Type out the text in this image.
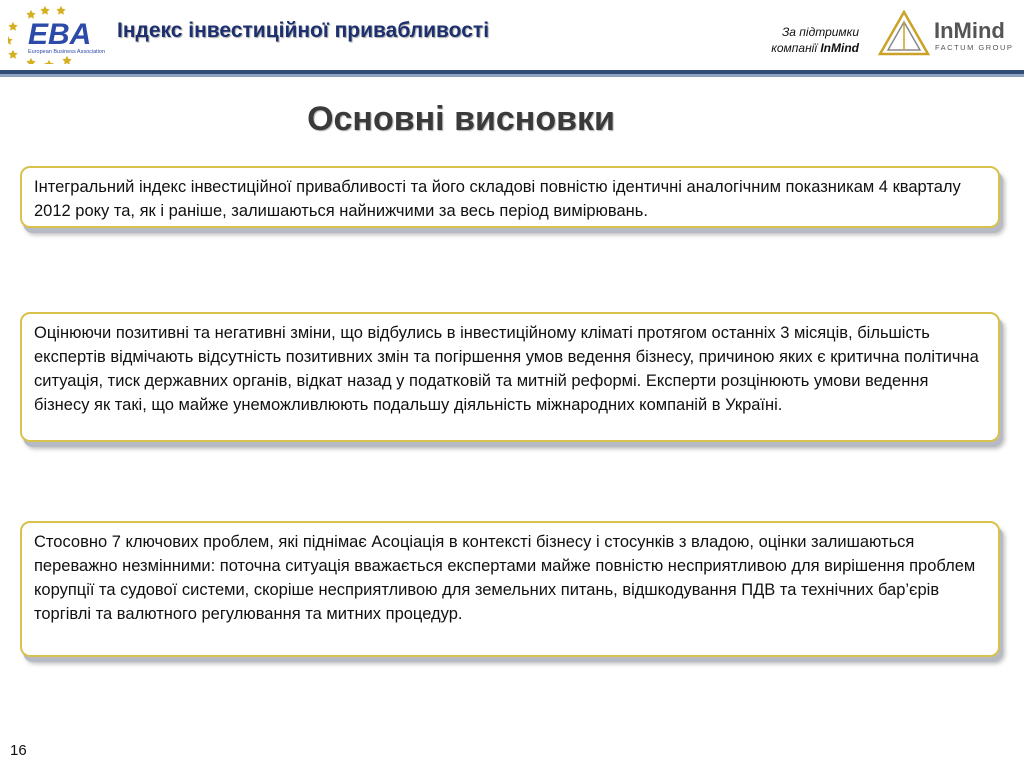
EBA
European Business Association
Індекс інвестиційної привабливості	За підтримки
компанії InMind
InMind
FACTUM GROUP
Основні висновки

Інтегральний індекс інвестиційної привабливості та його складові повністю ідентичні аналогічним показникам 4 кварталу 2012 року та, як і раніше, залишаються найнижчими за весь період вимірювань.

Оцінюючи позитивні та негативні зміни, що відбулись в інвестиційному кліматі протягом останніх 3 місяців, більшість експертів відмічають відсутність позитивних змін та погіршення умов ведення бізнесу, причиною яких є критична політична ситуація, тиск державних органів, відкат назад у податковій та митній реформі. Експерти розцінюють умови ведення бізнесу як такі, що майже унеможливлюють подальшу діяльність міжнародних компаній в Україні.

Стосовно 7 ключових проблем, які піднімає Асоціація в контексті бізнесу і стосунків з владою, оцінки залишаються переважно незмінними: поточна ситуація вважається експертами майже повністю несприятливою для вирішення проблем корупції та судової системи, скоріше несприятливою для земельних питань, відшкодування ПДВ та технічних бар’єрів торгівлі та валютного регулювання та митних процедур.

16
